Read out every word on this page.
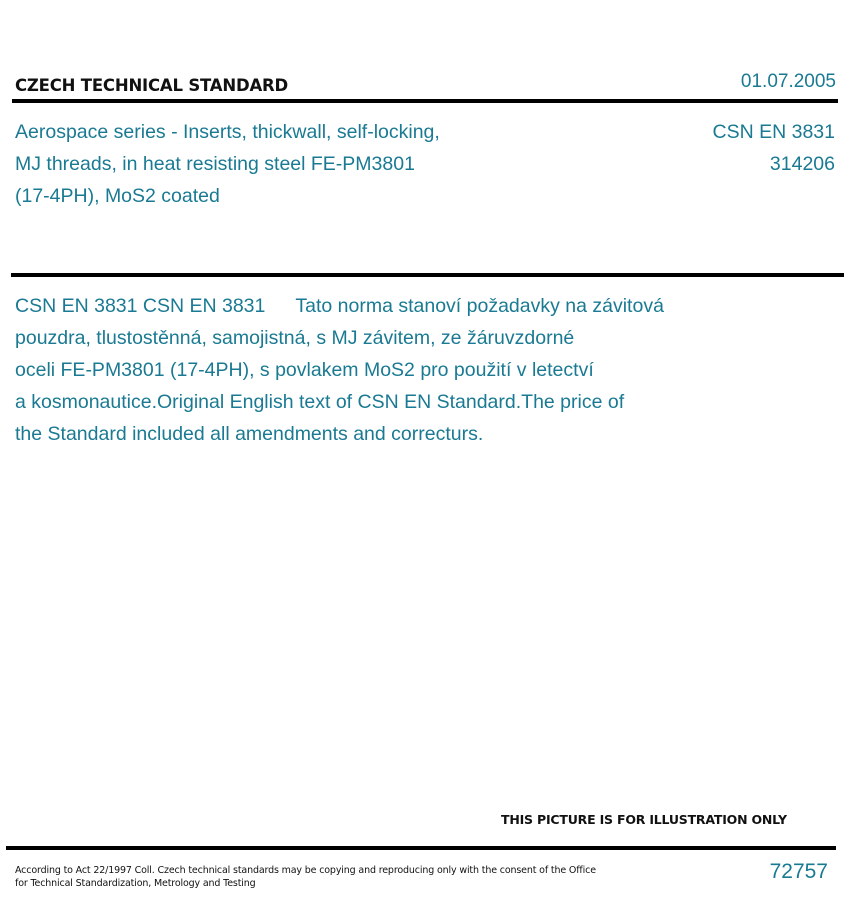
CZECH TECHNICAL STANDARD	01.07.2005
Aerospace series - Inserts, thickwall, self-locking,
MJ threads, in heat resisting steel FE-PM3801
(17-4PH), MoS2 coated
CSN EN 3831
314206
CSN EN 3831 CSN EN 3831 Tato norma stanoví požadavky na závitová
pouzdra, tlustostěnná, samojistná, s MJ závitem, ze žáruvzdorné
oceli FE-PM3801 (17-4PH), s povlakem MoS2 pro použití v letectví
a kosmonautice.Original English text of CSN EN Standard.The price of
the Standard included all amendments and correcturs.
THIS PICTURE IS FOR ILLUSTRATION ONLY
According to Act 22/1997 Coll. Czech technical standards may be copying and reproducing only with the consent of the Office
for Technical Standardization, Metrology and Testing
72757
